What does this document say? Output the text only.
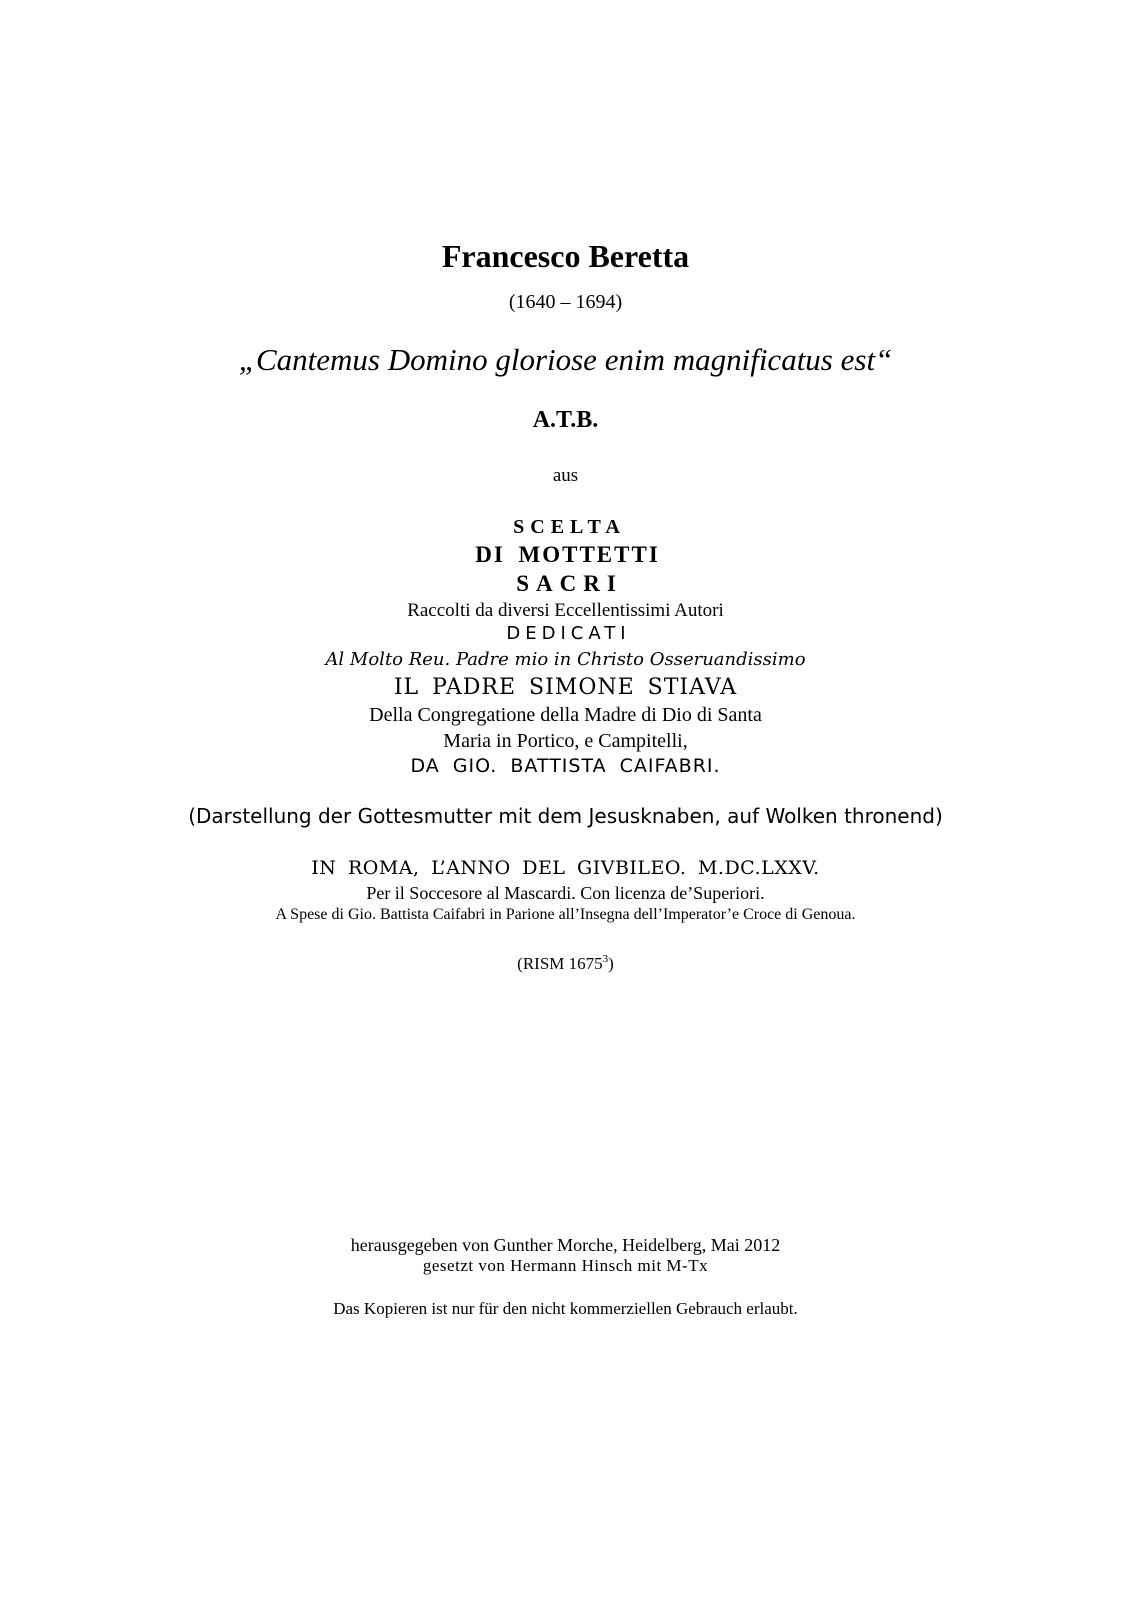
Francesco Beretta
(1640 – 1694)
„Cantemus Domino gloriose enim magnificatus est“
A.T.B.
aus
SCELTA
DI MOTTETTI
SACRI
Raccolti da diversi Eccellentissimi Autori
DEDICATI
Al Molto Reu. Padre mio in Christo Osseruandissimo
IL PADRE SIMONE STIAVA
Della Congregatione della Madre di Dio di Santa
Maria in Portico, e Campitelli,
DA GIO. BATTISTA CAIFABRI.
(Darstellung der Gottesmutter mit dem Jesusknaben, auf Wolken thronend)
IN ROMA, L’ANNO DEL GIVBILEO. M.DC.LXXV.
Per il Soccesore al Mascardi. Con licenza de’Superiori.
A Spese di Gio. Battista Caifabri in Parione all’Insegna dell’Imperator’e Croce di Genoua.
(RISM 1675$^3$)
herausgegeben von Gunther Morche, Heidelberg, Mai 2012
gesetzt von Hermann Hinsch mit M-Tx
Das Kopieren ist nur für den nicht kommerziellen Gebrauch erlaubt.
